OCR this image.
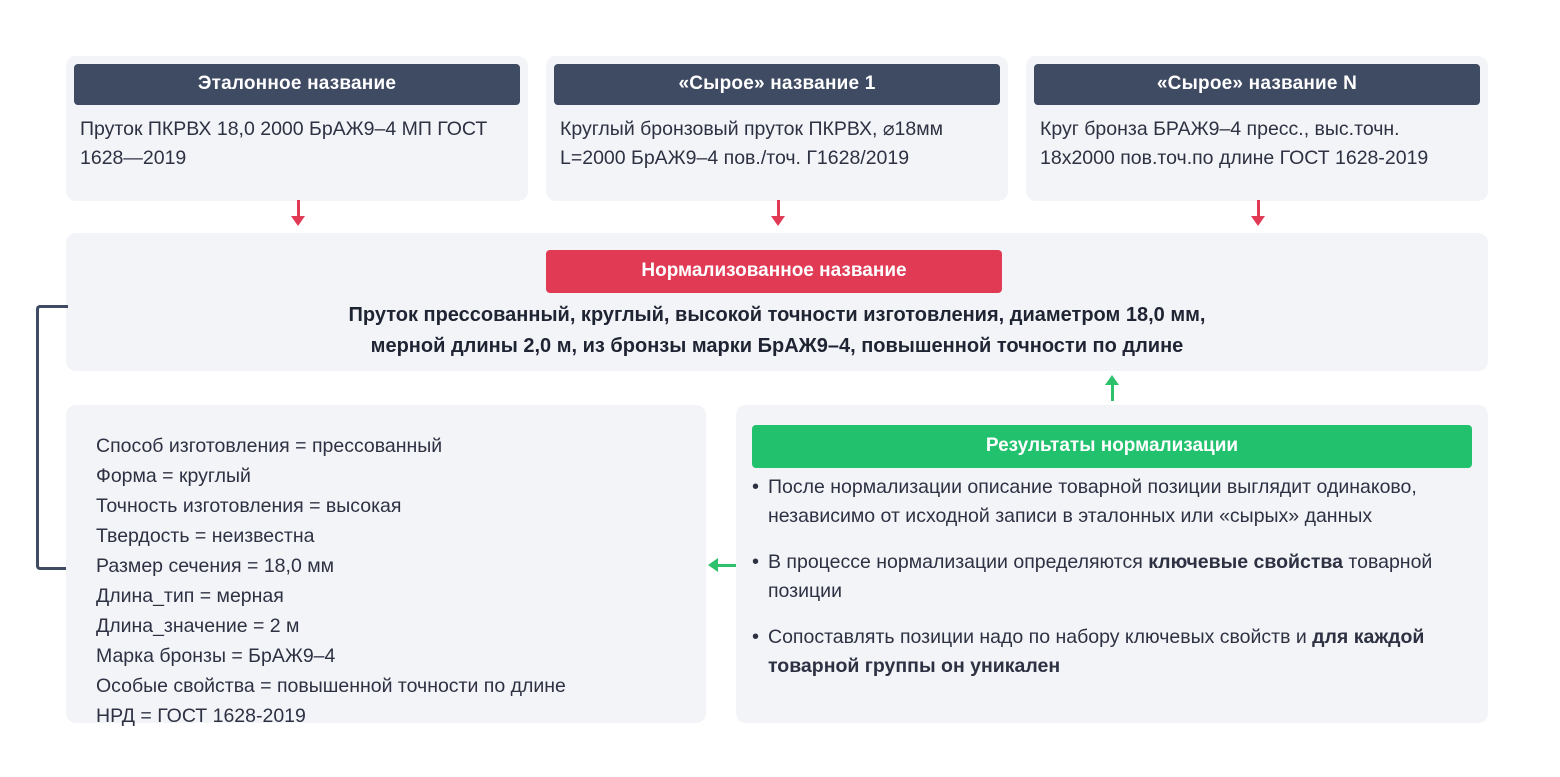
Эталонное название
Пруток ПКРВХ 18,0 2000 БрАЖ9–4 МП ГОСТ 1628—2019
«Сырое» название 1
Круглый бронзовый пруток ПКРВХ, ⌀18мм L=2000 БрАЖ9–4 пов./точ. Г1628/2019
«Сырое» название N
Круг бронза БРАЖ9–4 пресс., выс.точн. 18х2000 пов.точ.по длине ГОСТ 1628-2019
Нормализованное название
Пруток прессованный, круглый, высокой точности изготовления, диаметром 18,0 мм,
мерной длины 2,0 м, из бронзы марки БрАЖ9–4, повышенной точности по длине
Способ изготовления = прессованный
Форма = круглый
Точность изготовления = высокая
Твердость = неизвестна
Размер сечения = 18,0 мм
Длина_тип = мерная
Длина_значение = 2 м
Марка бронзы = БрАЖ9–4
Особые свойства = повышенной точности по длине
НРД = ГОСТ 1628-2019
Результаты нормализации
• После нормализации описание товарной позиции выглядит одинаково, независимо от исходной записи в эталонных или «сырых» данных
• В процессе нормализации определяются ключевые свойства товарной позиции
• Сопоставлять позиции надо по набору ключевых свойств и для каждой товарной группы он уникален
